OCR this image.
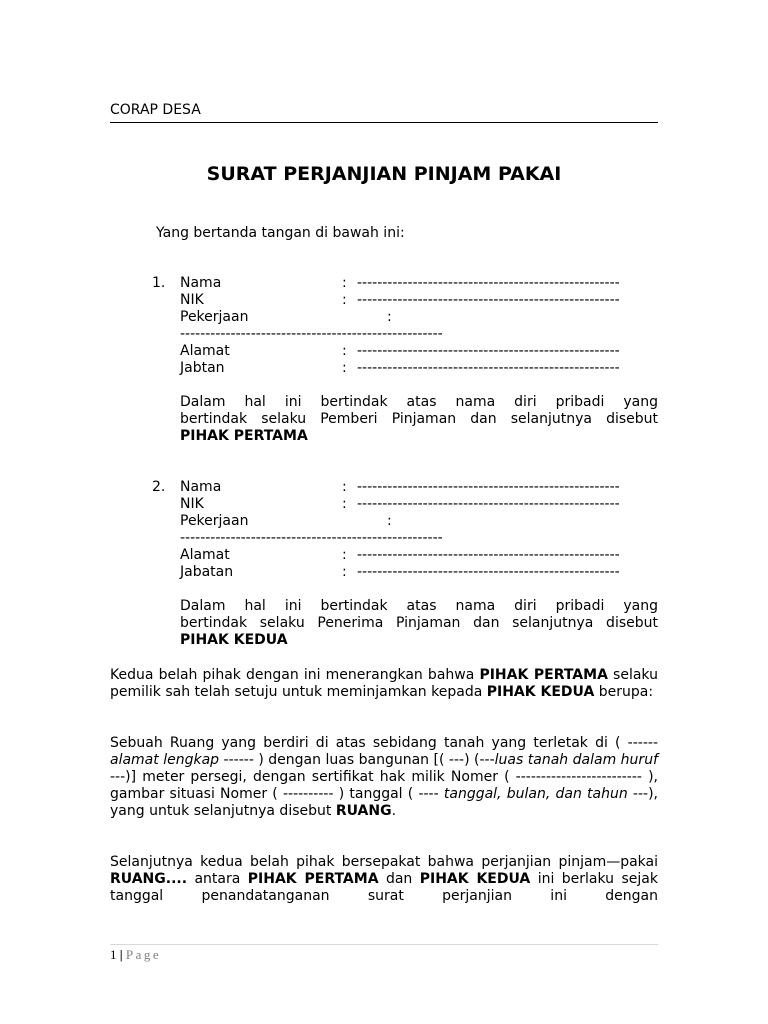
CORAP DESA
SURAT PERJANJIAN PINJAM PAKAI
Yang bertanda tangan di bawah ini:
1. Nama	: ----------------------------------------------------
NIK	: ----------------------------------------------------
Pekerjaan	:
----------------------------------------------------
Alamat	: ----------------------------------------------------
Jabtan	: ----------------------------------------------------
Dalam hal ini bertindak atas nama diri pribadi yang
bertindak selaku Pemberi Pinjaman dan selanjutnya disebut
PIHAK PERTAMA
2. Nama	: ----------------------------------------------------
NIK	: ----------------------------------------------------
Pekerjaan	:
----------------------------------------------------
Alamat	: ----------------------------------------------------
Jabatan	: ----------------------------------------------------
Dalam hal ini bertindak atas nama diri pribadi yang
bertindak selaku Penerima Pinjaman dan selanjutnya disebut
PIHAK KEDUA
Kedua belah pihak dengan ini menerangkan bahwa PIHAK PERTAMA selaku pemilik sah telah setuju untuk meminjamkan kepada PIHAK KEDUA berupa:
Sebuah Ruang yang berdiri di atas sebidang tanah yang terletak di ( ------ alamat lengkap ------ ) dengan luas bangunan [( ---) (---luas tanah dalam huruf ---)] meter persegi, dengan sertifikat hak milik Nomer ( ------------------------- ), gambar situasi Nomer ( ---------- ) tanggal ( ---- tanggal, bulan, dan tahun ---), yang untuk selanjutnya disebut RUANG.
Selanjutnya kedua belah pihak bersepakat bahwa perjanjian pinjam—pakai RUANG.... antara PIHAK PERTAMA dan PIHAK KEDUA ini berlaku sejak tanggal penandatanganan surat perjanjian ini dengan
1 | Page
